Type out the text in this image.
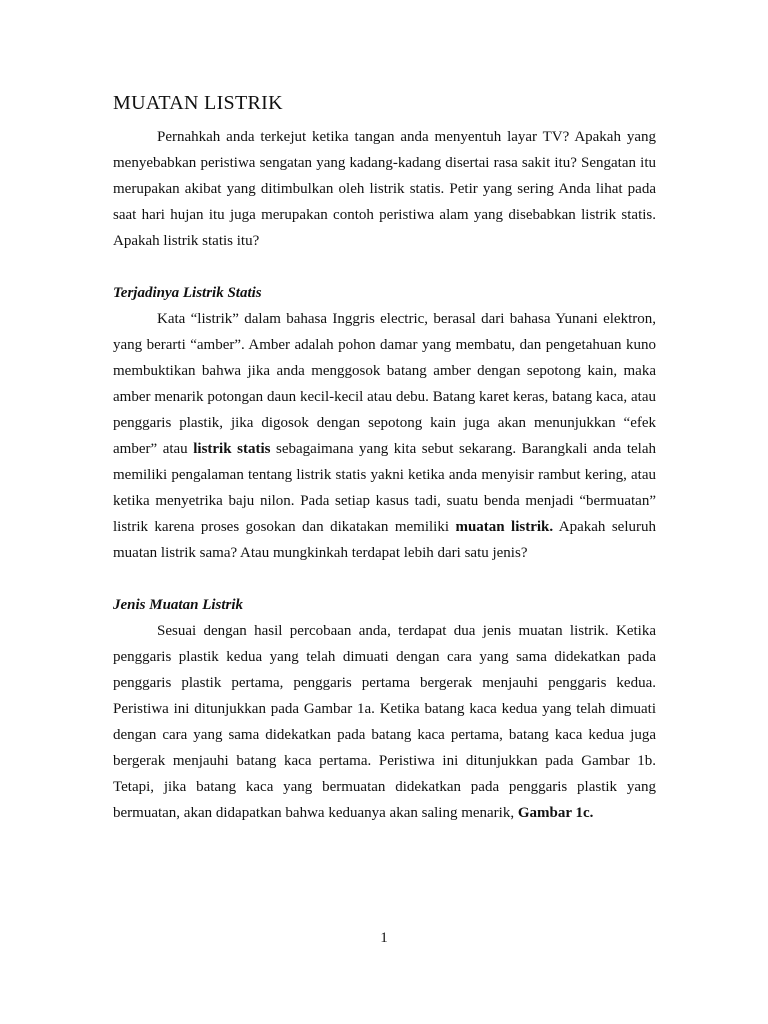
MUATAN LISTRIK

Pernahkah anda terkejut ketika tangan anda menyentuh layar TV? Apakah yang menyebabkan peristiwa sengatan yang kadang-kadang disertai rasa sakit itu? Sengatan itu merupakan akibat yang ditimbulkan oleh listrik statis. Petir yang sering Anda lihat pada saat hari hujan itu juga merupakan contoh peristiwa alam yang disebabkan listrik statis. Apakah listrik statis itu?

Terjadinya Listrik Statis

Kata “listrik” dalam bahasa Inggris electric, berasal dari bahasa Yunani elektron, yang berarti “amber”. Amber adalah pohon damar yang membatu, dan pengetahuan kuno membuktikan bahwa jika anda menggosok batang amber dengan sepotong kain, maka amber menarik potongan daun kecil-kecil atau debu. Batang karet keras, batang kaca, atau penggaris plastik, jika digosok dengan sepotong kain juga akan menunjukkan “efek amber” atau listrik statis sebagaimana yang kita sebut sekarang. Barangkali anda telah memiliki pengalaman tentang listrik statis yakni ketika anda menyisir rambut kering, atau ketika menyetrika baju nilon. Pada setiap kasus tadi, suatu benda menjadi “bermuatan” listrik karena proses gosokan dan dikatakan memiliki muatan listrik. Apakah seluruh muatan listrik sama? Atau mungkinkah terdapat lebih dari satu jenis?

Jenis Muatan Listrik

Sesuai dengan hasil percobaan anda, terdapat dua jenis muatan listrik. Ketika penggaris plastik kedua yang telah dimuati dengan cara yang sama didekatkan pada penggaris plastik pertama, penggaris pertama bergerak menjauhi penggaris kedua. Peristiwa ini ditunjukkan pada Gambar 1a. Ketika batang kaca kedua yang telah dimuati dengan cara yang sama didekatkan pada batang kaca pertama, batang kaca kedua juga bergerak menjauhi batang kaca pertama. Peristiwa ini ditunjukkan pada Gambar 1b. Tetapi, jika batang kaca yang bermuatan didekatkan pada penggaris plastik yang bermuatan, akan didapatkan bahwa keduanya akan saling menarik, Gambar 1c.

1
